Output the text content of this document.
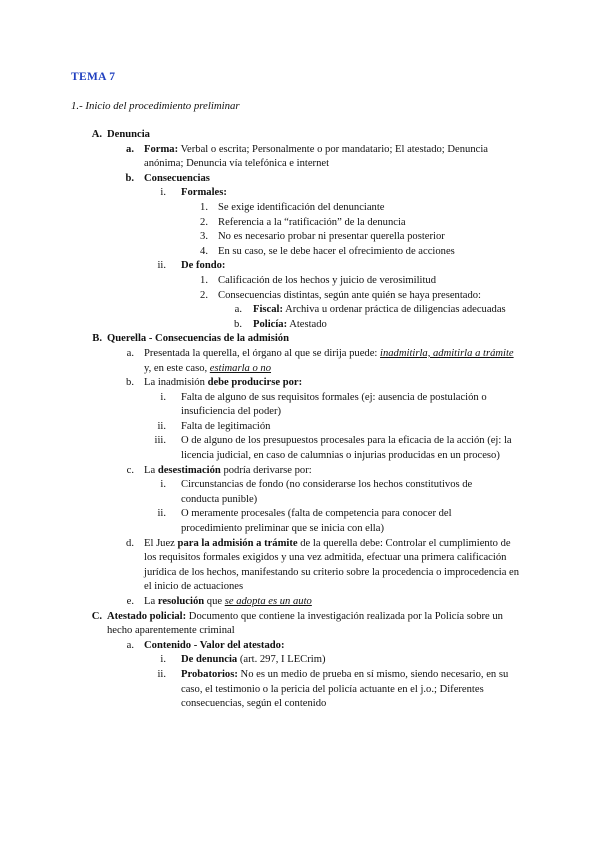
TEMA 7
1.- Inicio del procedimiento preliminar
A. Denuncia
a. Forma: Verbal o escrita; Personalmente o por mandatario; El atestado; Denuncia anónima; Denuncia vía telefónica e internet
b. Consecuencias
i. Formales:
1. Se exige identificación del denunciante
2. Referencia a la “ratificación” de la denuncia
3. No es necesario probar ni presentar querella posterior
4. En su caso, se le debe hacer el ofrecimiento de acciones
ii. De fondo:
1. Calificación de los hechos y juicio de verosimilitud
2. Consecuencias distintas, según ante quién se haya presentado:
a. Fiscal: Archiva u ordenar práctica de diligencias adecuadas
b. Policía: Atestado
B. Querella - Consecuencias de la admisión
a. Presentada la querella, el órgano al que se dirija puede: inadmitirla, admitirla a trámite y, en este caso, estimarla o no
b. La inadmisión debe producirse por:
i. Falta de alguno de sus requisitos formales (ej: ausencia de postulación o insuficiencia del poder)
ii. Falta de legitimación
iii. O de alguno de los presupuestos procesales para la eficacia de la acción (ej: la licencia judicial, en caso de calumnias o injurias producidas en un proceso)
c. La desestimación podría derivarse por:
i. Circunstancias de fondo (no considerarse los hechos constitutivos de conducta punible)
ii. O meramente procesales (falta de competencia para conocer del procedimiento preliminar que se inicia con ella)
d. El Juez para la admisión a trámite de la querella debe: Controlar el cumplimiento de los requisitos formales exigidos y una vez admitida, efectuar una primera calificación jurídica de los hechos, manifestando su criterio sobre la procedencia o improcedencia en el inicio de actuaciones
e. La resolución que se adopta es un auto
C. Atestado policial: Documento que contiene la investigación realizada por la Policía sobre un hecho aparentemente criminal
a. Contenido - Valor del atestado:
i. De denuncia (art. 297, I LECrim)
ii. Probatorios: No es un medio de prueba en sí mismo, siendo necesario, en su caso, el testimonio o la pericia del policía actuante en el j.o.; Diferentes consecuencias, según el contenido
